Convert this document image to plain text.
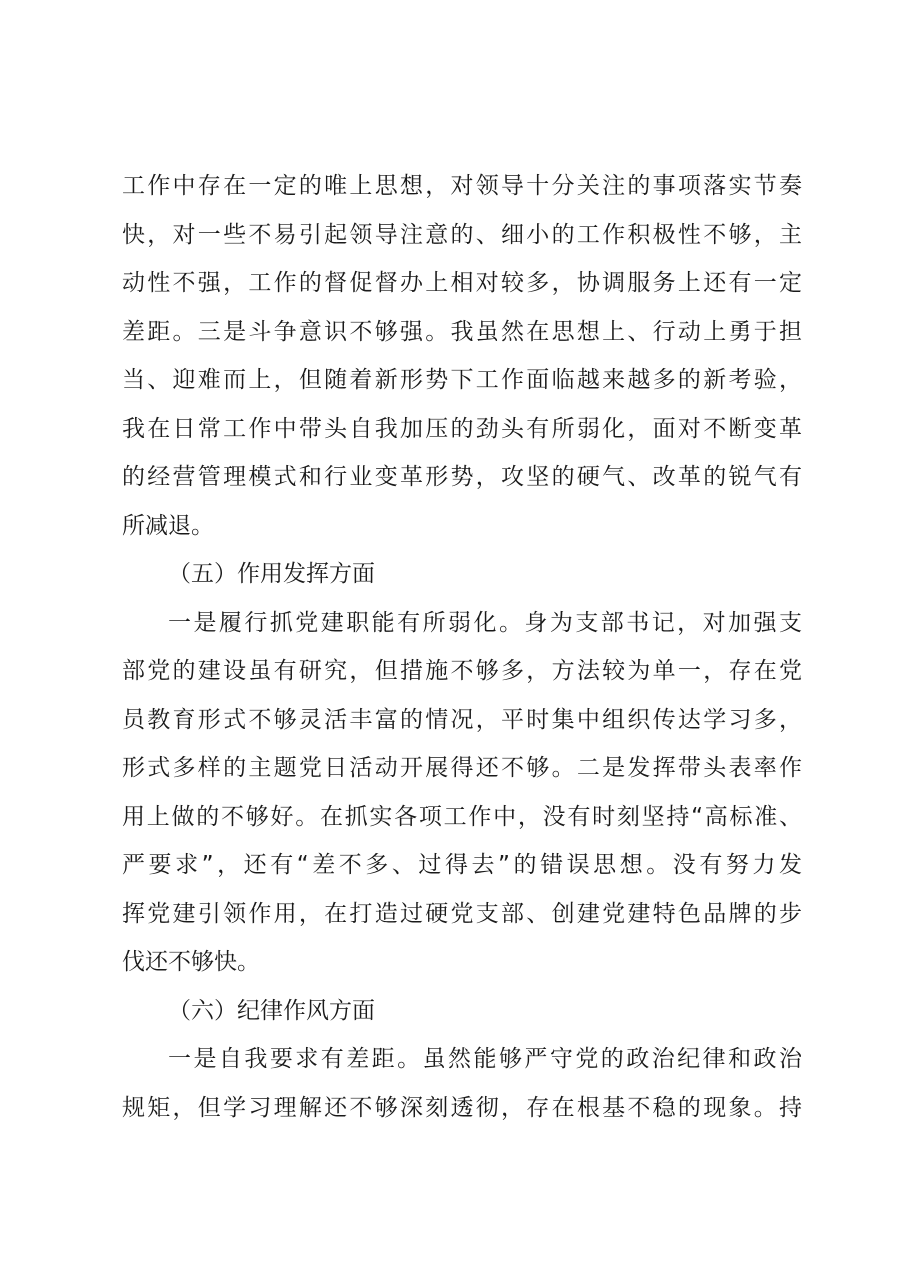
工作中存在一定的唯上思想，对领导十分关注的事项落实节奏
快，对一些不易引起领导注意的、细小的工作积极性不够，主
动性不强，工作的督促督办上相对较多，协调服务上还有一定
差距。三是斗争意识不够强。我虽然在思想上、行动上勇于担
当、迎难而上，但随着新形势下工作面临越来越多的新考验，
我在日常工作中带头自我加压的劲头有所弱化，面对不断变革
的经营管理模式和行业变革形势，攻坚的硬气、改革的锐气有
所减退。
（五）作用发挥方面
一是履行抓党建职能有所弱化。身为支部书记，对加强支
部党的建设虽有研究，但措施不够多，方法较为单一，存在党
员教育形式不够灵活丰富的情况，平时集中组织传达学习多，
形式多样的主题党日活动开展得还不够。二是发挥带头表率作
用上做的不够好。在抓实各项工作中，没有时刻坚持“高标准、
严要求”，还有“差不多、过得去”的错误思想。没有努力发
挥党建引领作用，在打造过硬党支部、创建党建特色品牌的步
伐还不够快。
（六）纪律作风方面
一是自我要求有差距。虽然能够严守党的政治纪律和政治
规矩，但学习理解还不够深刻透彻，存在根基不稳的现象。持
